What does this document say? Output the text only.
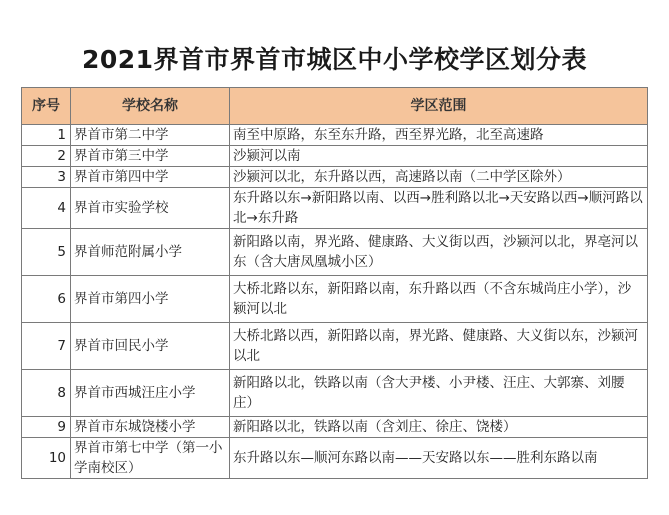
2021界首市界首市城区中小学校学区划分表
序号	学校名称	学区范围
1	界首市第二中学	南至中原路，东至东升路，西至界光路，北至高速路
2	界首市第三中学	沙颍河以南
3	界首市第四中学	沙颍河以北，东升路以西，高速路以南（二中学区除外）
4	界首市实验学校	东升路以东→新阳路以南、以西→胜利路以北→天安路以西→顺河路以北→东升路
5	界首师范附属小学	新阳路以南，界光路、健康路、大义街以西，沙颍河以北，界亳河以东（含大唐凤凰城小区）
6	界首市第四小学	大桥北路以东，新阳路以南，东升路以西（不含东城尚庄小学），沙颍河以北
7	界首市回民小学	大桥北路以西，新阳路以南，界光路、健康路、大义街以东，沙颍河以北
8	界首市西城汪庄小学	新阳路以北，铁路以南（含大尹楼、小尹楼、汪庄、大郭寨、刘腰庄）
9	界首市东城饶楼小学	新阳路以北，铁路以南（含刘庄、徐庄、饶楼）
10	界首市第七中学（第一小学南校区）	东升路以东—顺河东路以南——天安路以东——胜利东路以南
